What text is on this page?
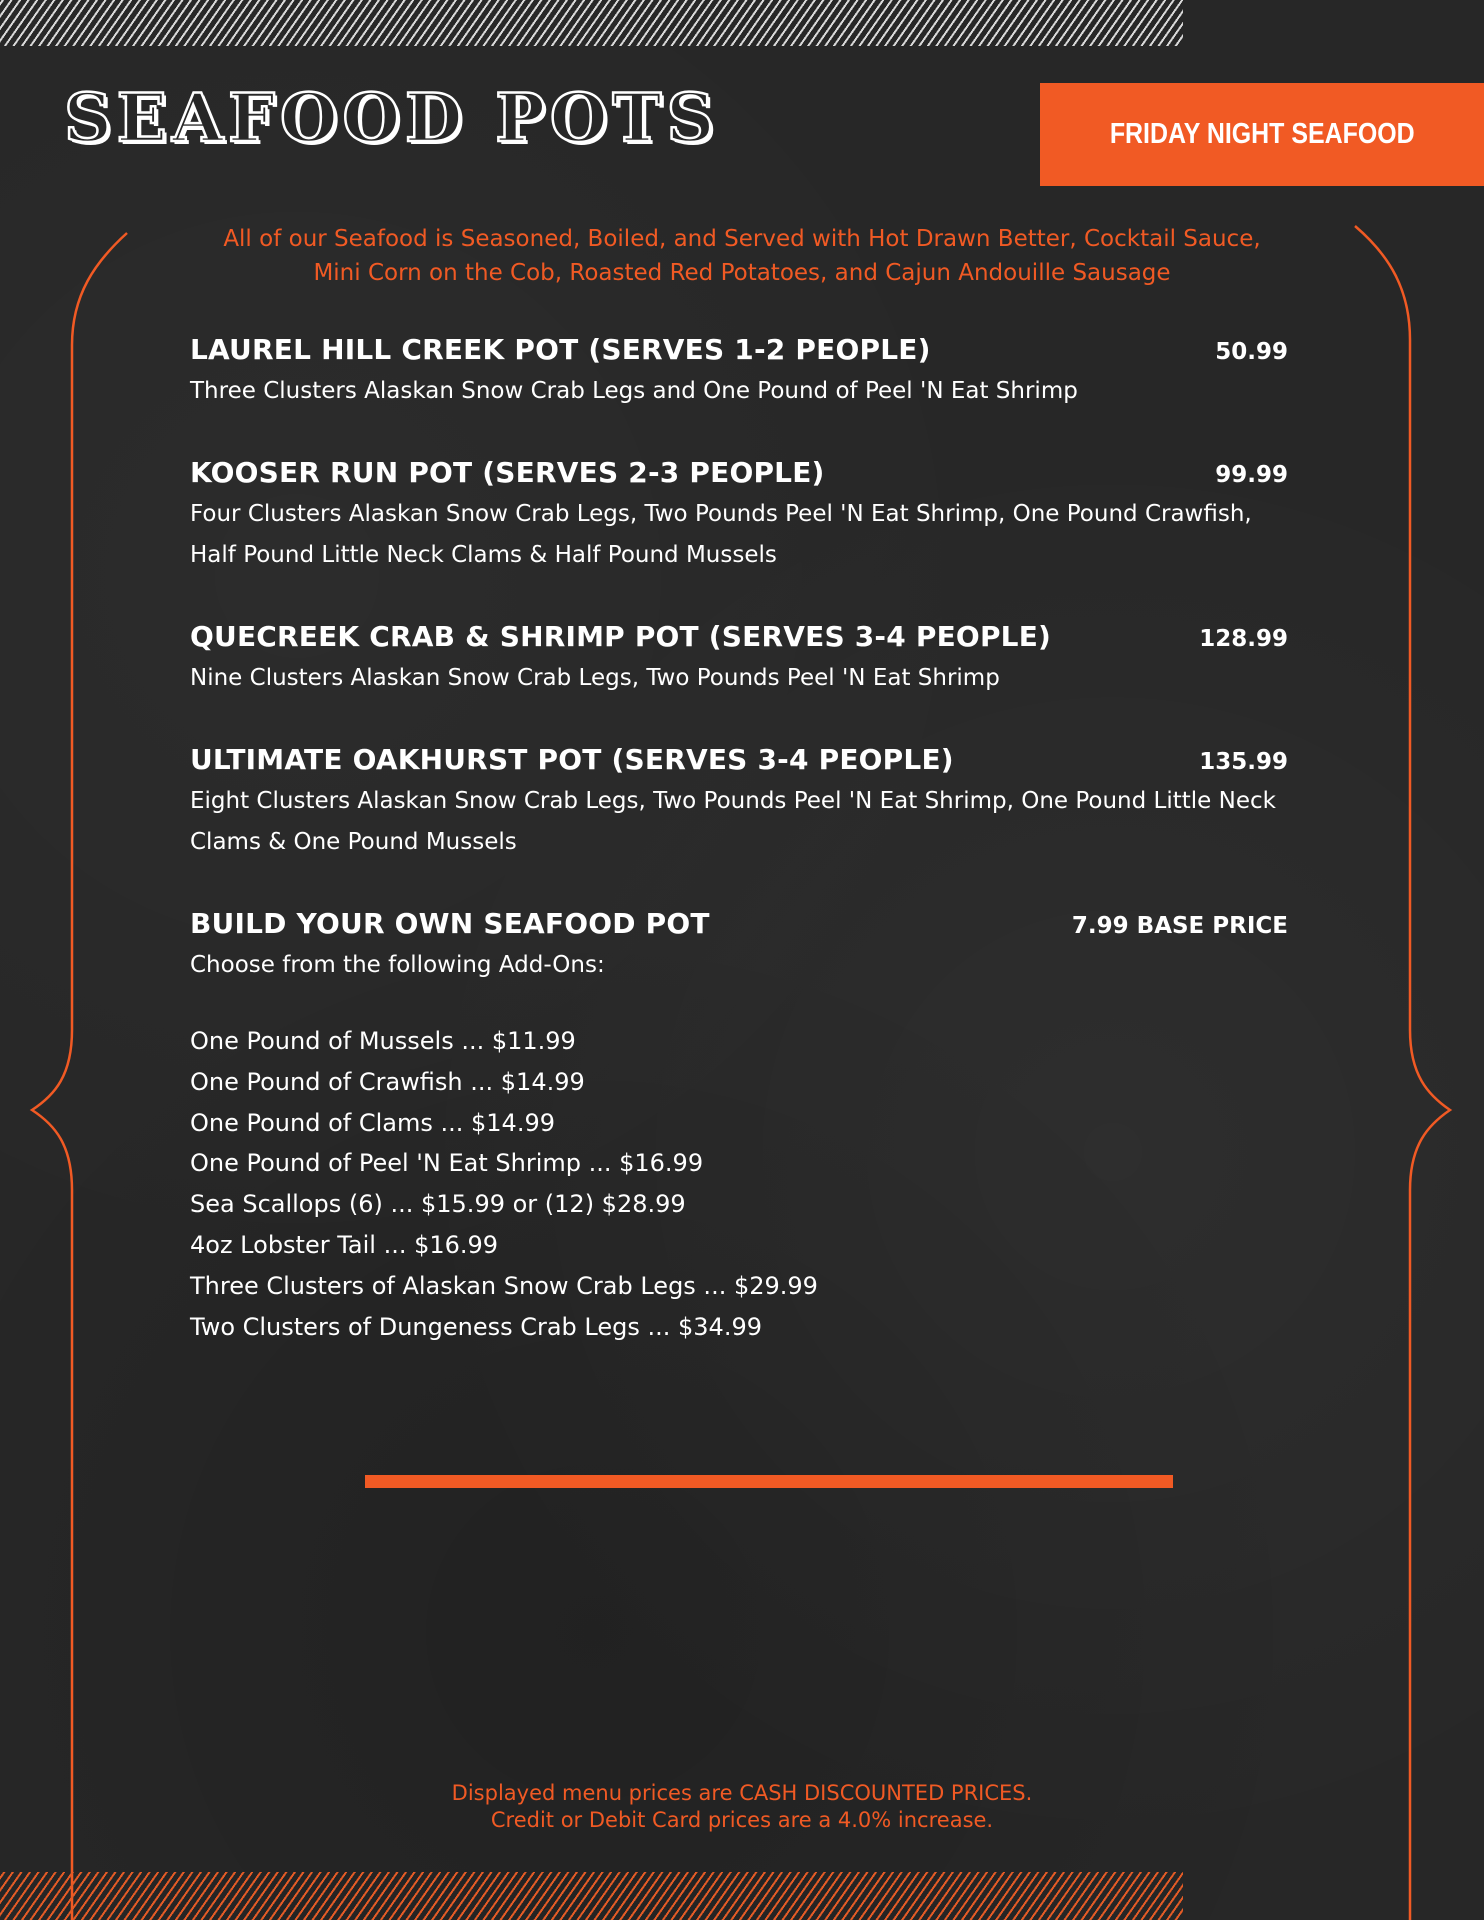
SEAFOOD POTS	FRIDAY NIGHT SEAFOOD
All of our Seafood is Seasoned, Boiled, and Served with Hot Drawn Better, Cocktail Sauce,
Mini Corn on the Cob, Roasted Red Potatoes, and Cajun Andouille Sausage
LAUREL HILL CREEK POT (SERVES 1-2 PEOPLE)	50.99
Three Clusters Alaskan Snow Crab Legs and One Pound of Peel 'N Eat Shrimp
KOOSER RUN POT (SERVES 2-3 PEOPLE)	99.99
Four Clusters Alaskan Snow Crab Legs, Two Pounds Peel 'N Eat Shrimp, One Pound Crawfish,
Half Pound Little Neck Clams & Half Pound Mussels
QUECREEK CRAB & SHRIMP POT (SERVES 3-4 PEOPLE)	128.99
Nine Clusters Alaskan Snow Crab Legs, Two Pounds Peel 'N Eat Shrimp
ULTIMATE OAKHURST POT (SERVES 3-4 PEOPLE)	135.99
Eight Clusters Alaskan Snow Crab Legs, Two Pounds Peel 'N Eat Shrimp, One Pound Little Neck
Clams & One Pound Mussels
BUILD YOUR OWN SEAFOOD POT	7.99 BASE PRICE
Choose from the following Add-Ons:
One Pound of Mussels ... $11.99
One Pound of Crawfish ... $14.99
One Pound of Clams ... $14.99
One Pound of Peel 'N Eat Shrimp ... $16.99
Sea Scallops (6) ... $15.99 or (12) $28.99
4oz Lobster Tail ... $16.99
Three Clusters of Alaskan Snow Crab Legs ... $29.99
Two Clusters of Dungeness Crab Legs ... $34.99
Displayed menu prices are CASH DISCOUNTED PRICES.
Credit or Debit Card prices are a 4.0% increase.
